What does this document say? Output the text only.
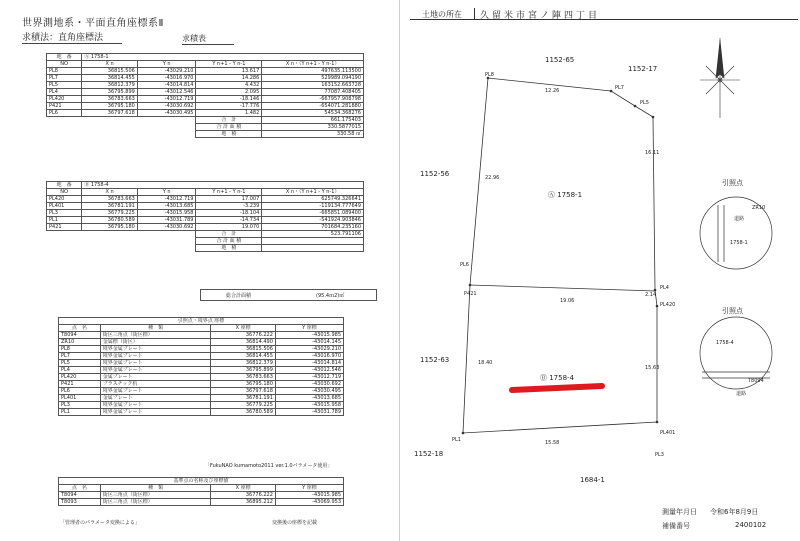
世界測地系・平面直角座標系Ⅱ
求積法：直角座標法	求積表
地　番	Ⓐ 1758-1			
NO	X n	Y n	Y n+1 - Y n-1	X n・（Y n+1 - Y n-1）
PL8	36815.506	-43029.210	13.617	497635.113500
PL7	36814.455	-43016.970	14.286	529989.094190
PL5	36812.379	-43014.814	4.432	163152.663728
PL4	36795.899	-43012.546	2.095	77087.408405
PL420	36783.663	-43012.719	-18.146	-667957.908798
P421	36795.180	-43030.692	-17.776	-654071.281880
PL6	36797.618	-43030.495	1.482	54534.368276
			合　計	661.175403
			合 計 面 積	330.5877015
			地　積	330.58 ㎡
地　番	Ⓑ 1758-4			
NO	X n	Y n	Y n+1 - Y n-1	X n・（Y n+1 - Y n-1）
PL420	36783.663	-43012.719	17.007	625749.326641
PL401	36781.191	-43013.685	-3.239	-119134.777649
PL3	36779.225	-43015.958	-18.104	-665851.089400
PL1	36780.589	-43031.789	-14.734	-541924.903846
P421	36795.180	-43030.692	19.070	701684.235160
			合　計	523.791106
			合 計 面 積	
			地　積	
総合計面積	(95.4ｍ2)㎡
引照点・境界点 座標			
点　名	種　類	X 座標	Y 座標
T8094	街区三角点（街区標）	36776.222	-43015.985
ZR10	金属標（街区）	36814.490	-43014.145
PL8	境界金属プレート	36815.506	-43029.210
PL7	境界金属プレート	36814.455	-43016.970
PL5	境界金属プレート	36812.379	-43014.814
PL4	境界金属プレート	36795.899	-43012.546
PL420	金属プレート	36783.663	-43012.719
P421	プラスチック杭	36795.180	-43030.692
PL6	境界金属プレート	36797.618	-43030.495
PL401	金属プレート	36781.191	-43013.685
PL3	境界金属プレート	36779.225	-43015.958
PL1	境界金属プレート	36780.589	-43031.789
「FukuNAO kumamoto2011 ver.1.0パラメータ使用」
基準点の名称及び座標値			
点　名	種　類	X 座標	Y 座標
T8094	街区三角点（街区標）	36776.222	-43015.985
T8093	街区三角点（街区標）	36895.212	-43069.953
「管理者のパラメータ変換による」	変換後の座標を記載
土地の所在 久留米市宮ノ陣四丁目
1152-65
1152-17
1152-56
1152-63
1152-18
1684-1
Ⓐ 1758-1
Ⓑ 1758-4
PL8
PL7
PL5
PL4
PL420
PL401
PL3
PL1
P421
PL6
12.26
19.06
16.11
22.96
2.14
18.40
15.58
15.63
引照点
道路
ZR10
1758-1
引照点
道路
1758-4
T8094
測量年月日 令和6年8月9日
補備番号	2400102
